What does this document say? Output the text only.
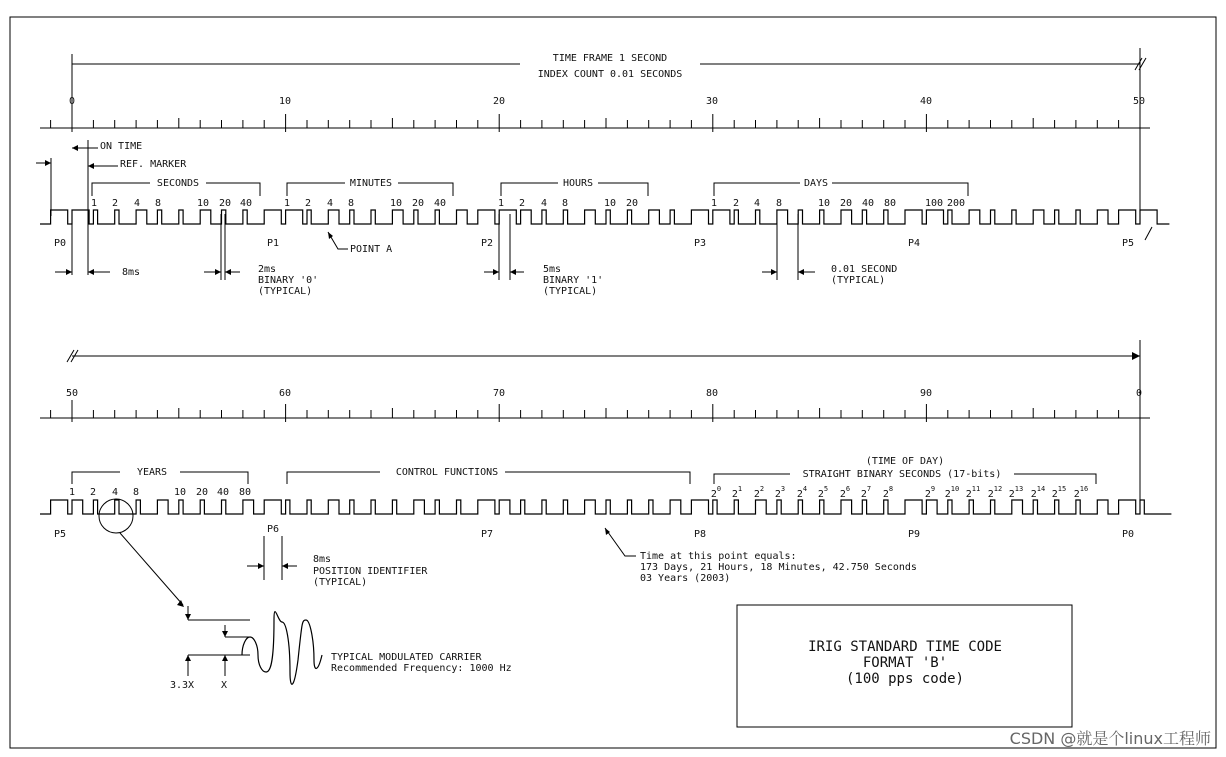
TIME FRAME 1 SECOND
INDEX COUNT 0.01 SECONDS
0	10	20	30	40	50
ON TIME
REF. MARKER
SECONDS	MINUTES	HOURS	DAYS
1 2 4 8	10 20 40	1 2 4 8	10 20 40	1 2 4 8	10 20	1 2 4 8	10 20 40 80	100 200
P0	P1	P2	P3	P4	P5
POINT A
8ms	2ms
BINARY '0'
(TYPICAL)
5ms
BINARY '1'
(TYPICAL)
0.01 SECOND
(TYPICAL)
50	60	70	80	90	0
YEARS	CONTROL FUNCTIONS
(TIME OF DAY)
STRAIGHT BINARY SECONDS (17-bits)
1 2 4 8	10 20 40 80	$2^0$ $2^1$ $2^2$ $2^3$ $2^4$ $2^5$ $2^6$ $2^7$ $2^8$	$2^9$ $2^{10}$ $2^{11}$ $2^{12}$ $2^{13}$ $2^{14}$ $2^{15}$ $2^{16}$
P5	P6	P7	P8	P9	P0
8ms
POSITION IDENTIFIER
(TYPICAL)
Time at this point equals:
173 Days, 21 Hours, 18 Minutes, 42.750 Seconds
03 Years (2003)
TYPICAL MODULATED CARRIER
Recommended Frequency: 1000 Hz
3.3X	X
IRIG STANDARD TIME CODE
FORMAT 'B'
(100 pps code)
CSDN @就是个linux工程师
